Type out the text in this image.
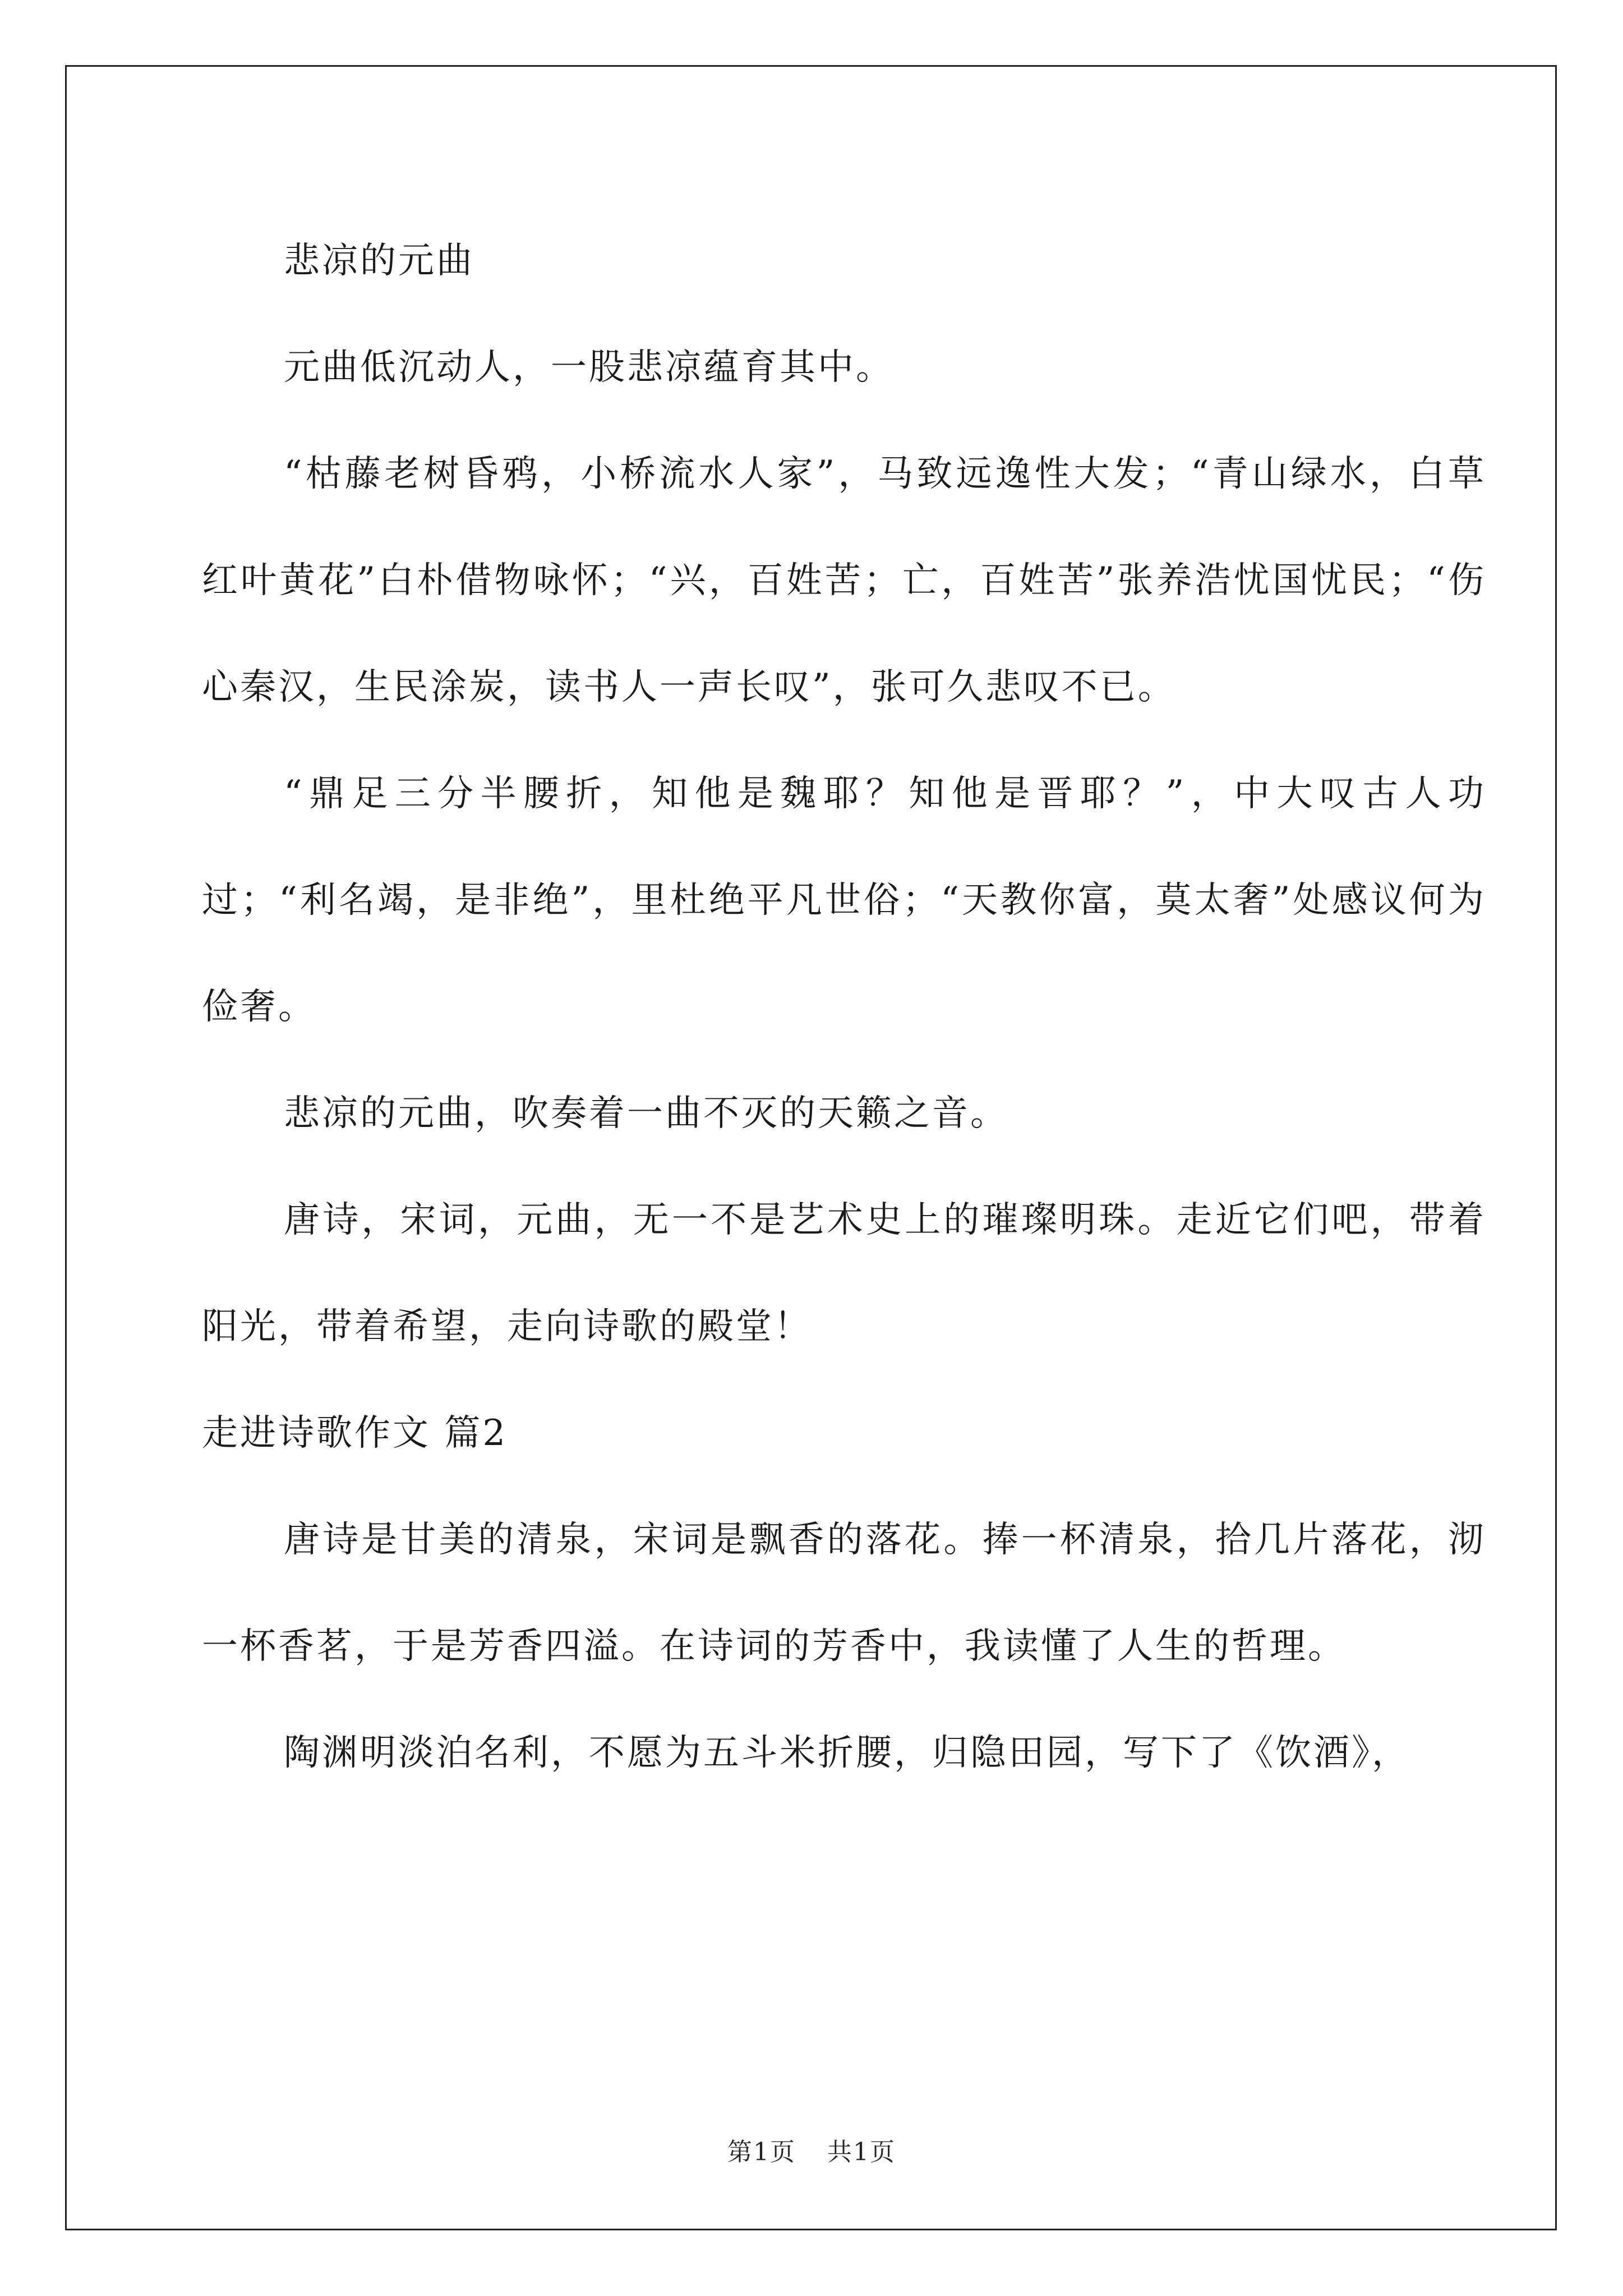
悲凉的元曲

元曲低沉动人，一股悲凉蕴育其中。

“枯藤老树昏鸦，小桥流水人家”，马致远逸性大发；“青山绿水，白草红叶黄花”白朴借物咏怀；“兴，百姓苦；亡，百姓苦”张养浩忧国忧民；“伤心秦汉，生民涂炭，读书人一声长叹”，张可久悲叹不已。

“鼎足三分半腰折，知他是魏耶？知他是晋耶？”，中大叹古人功过；“利名竭，是非绝”，里杜绝平凡世俗；“天教你富，莫太奢”处感议何为俭奢。

悲凉的元曲，吹奏着一曲不灭的天籁之音。

唐诗，宋词，元曲，无一不是艺术史上的璀璨明珠。走近它们吧，带着阳光，带着希望，走向诗歌的殿堂！

走进诗歌作文 篇2

唐诗是甘美的清泉，宋词是飘香的落花。捧一杯清泉，拾几片落花，沏一杯香茗，于是芳香四溢。在诗词的芳香中，我读懂了人生的哲理。

陶渊明淡泊名利，不愿为五斗米折腰，归隐田园，写下了《饮酒》，

第1页 共1页
